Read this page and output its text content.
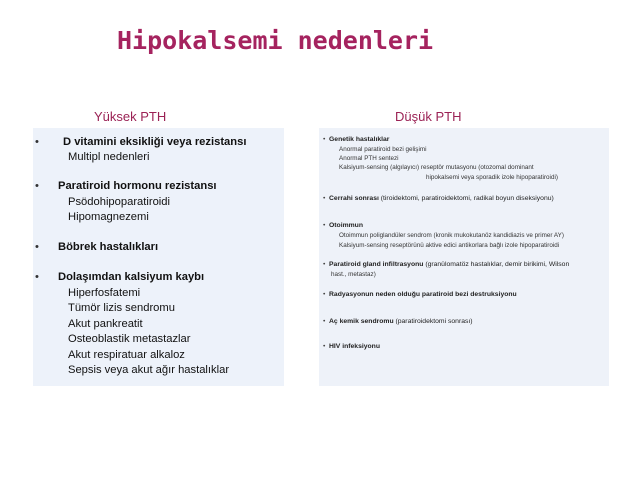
Hipokalsemi nedenleri
Yüksek PTH	Düşük PTH
• D vitamini eksikliği veya rezistansı
Multipl nedenleri
• Paratiroid hormonu rezistansı
Psödohipoparatiroidi
Hipomagnezemi
• Böbrek hastalıkları
• Dolaşımdan kalsiyum kaybı
Hiperfosfatemi
Tümör lizis sendromu
Akut pankreatit
Osteoblastik metastazlar
Akut respiratuar alkaloz
Sepsis veya akut ağır hastalıklar
• Genetik hastalıklar
Anormal paratiroid bezi gelişimi
Anormal PTH sentezi
Kalsiyum-sensing (algılayıcı) reseptör mutasyonu (otozomal dominant
hipokalsemi veya sporadik izole hipoparatiroidi)
• Cerrahi sonrası (tiroidektomi, paratiroidektomi, radikal boyun diseksiyonu)
• Otoimmun
Otoimmun poliglandüler sendrom (kronik mukokutanöz kandidiazis ve primer AY)
Kalsiyum-sensing reseptörünü aktive edici antikorlara bağlı izole hipoparatiroidi
• Paratiroid gland infiltrasyonu (granülomatöz hastalıklar, demir birikimi, Wilson
hast., metastaz)
• Radyasyonun neden olduğu paratiroid bezi destruksiyonu
• Aç kemik sendromu (paratiroidektomi sonrası)
• HIV infeksiyonu
